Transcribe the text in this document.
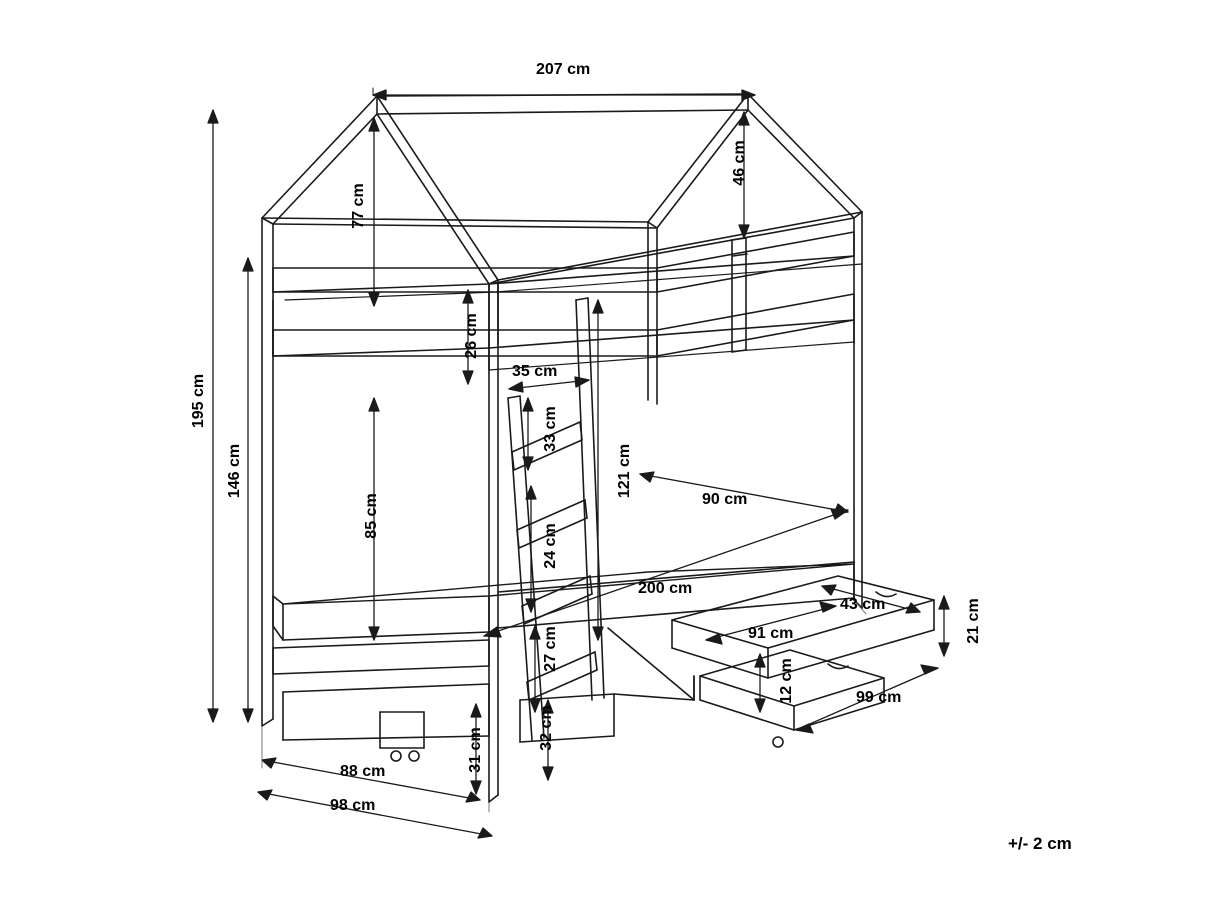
207 cm
77 cm
46 cm
195 cm
146 cm
26 cm
35 cm
33 cm
85 cm
24 cm
121 cm
90 cm
200 cm
43 cm	21 cm
91 cm
27 cm
12 cm	99 cm
31 cm	32 cm
88 cm
98 cm
+/- 2 cm
